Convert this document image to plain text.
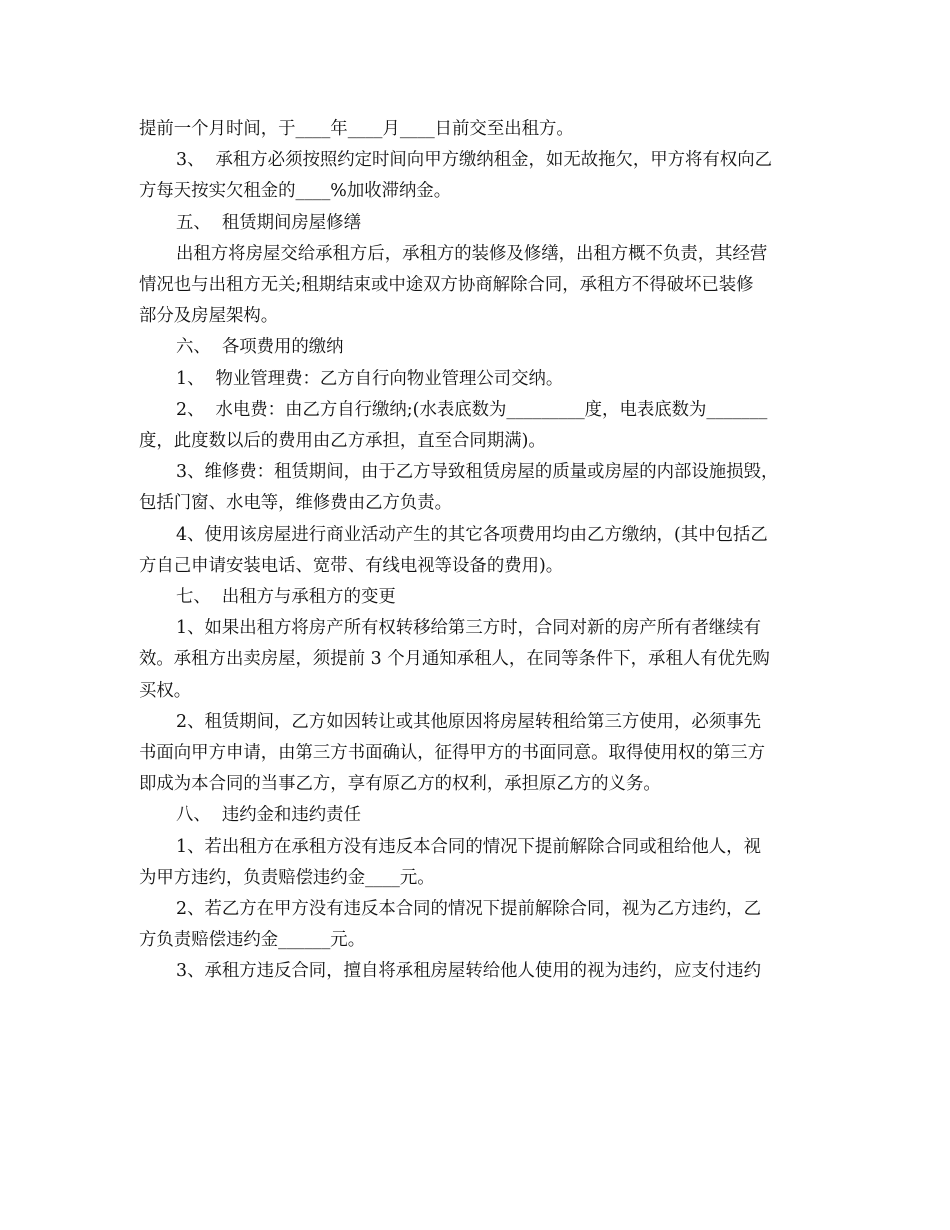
提前一个月时间，于____年____月____日前交至出租方。

3、  承租方必须按照约定时间向甲方缴纳租金，如无故拖欠，甲方将有权向乙
方每天按实欠租金的____%加收滞纳金。

五、  租赁期间房屋修缮

出租方将房屋交给承租方后，承租方的装修及修缮，出租方概不负责，其经营
情况也与出租方无关;租期结束或中途双方协商解除合同，承租方不得破坏已装修
部分及房屋架构。

六、  各项费用的缴纳

1、  物业管理费：乙方自行向物业管理公司交纳。

2、  水电费：由乙方自行缴纳;(水表底数为_________度，电表底数为_______
度，此度数以后的费用由乙方承担，直至合同期满)。

3、维修费：租赁期间，由于乙方导致租赁房屋的质量或房屋的内部设施损毁，
包括门窗、水电等，维修费由乙方负责。

4、使用该房屋进行商业活动产生的其它各项费用均由乙方缴纳，(其中包括乙
方自己申请安装电话、宽带、有线电视等设备的费用)。

七、  出租方与承租方的变更

1、如果出租方将房产所有权转移给第三方时，合同对新的房产所有者继续有
效。承租方出卖房屋，须提前 3 个月通知承租人，在同等条件下，承租人有优先购
买权。

2、租赁期间，乙方如因转让或其他原因将房屋转租给第三方使用，必须事先
书面向甲方申请，由第三方书面确认，征得甲方的书面同意。取得使用权的第三方
即成为本合同的当事乙方，享有原乙方的权利，承担原乙方的义务。

八、  违约金和违约责任

1、若出租方在承租方没有违反本合同的情况下提前解除合同或租给他人，视
为甲方违约，负责赔偿违约金____元。

2、若乙方在甲方没有违反本合同的情况下提前解除合同，视为乙方违约，乙
方负责赔偿违约金______元。

3、承租方违反合同，擅自将承租房屋转给他人使用的视为违约，应支付违约
